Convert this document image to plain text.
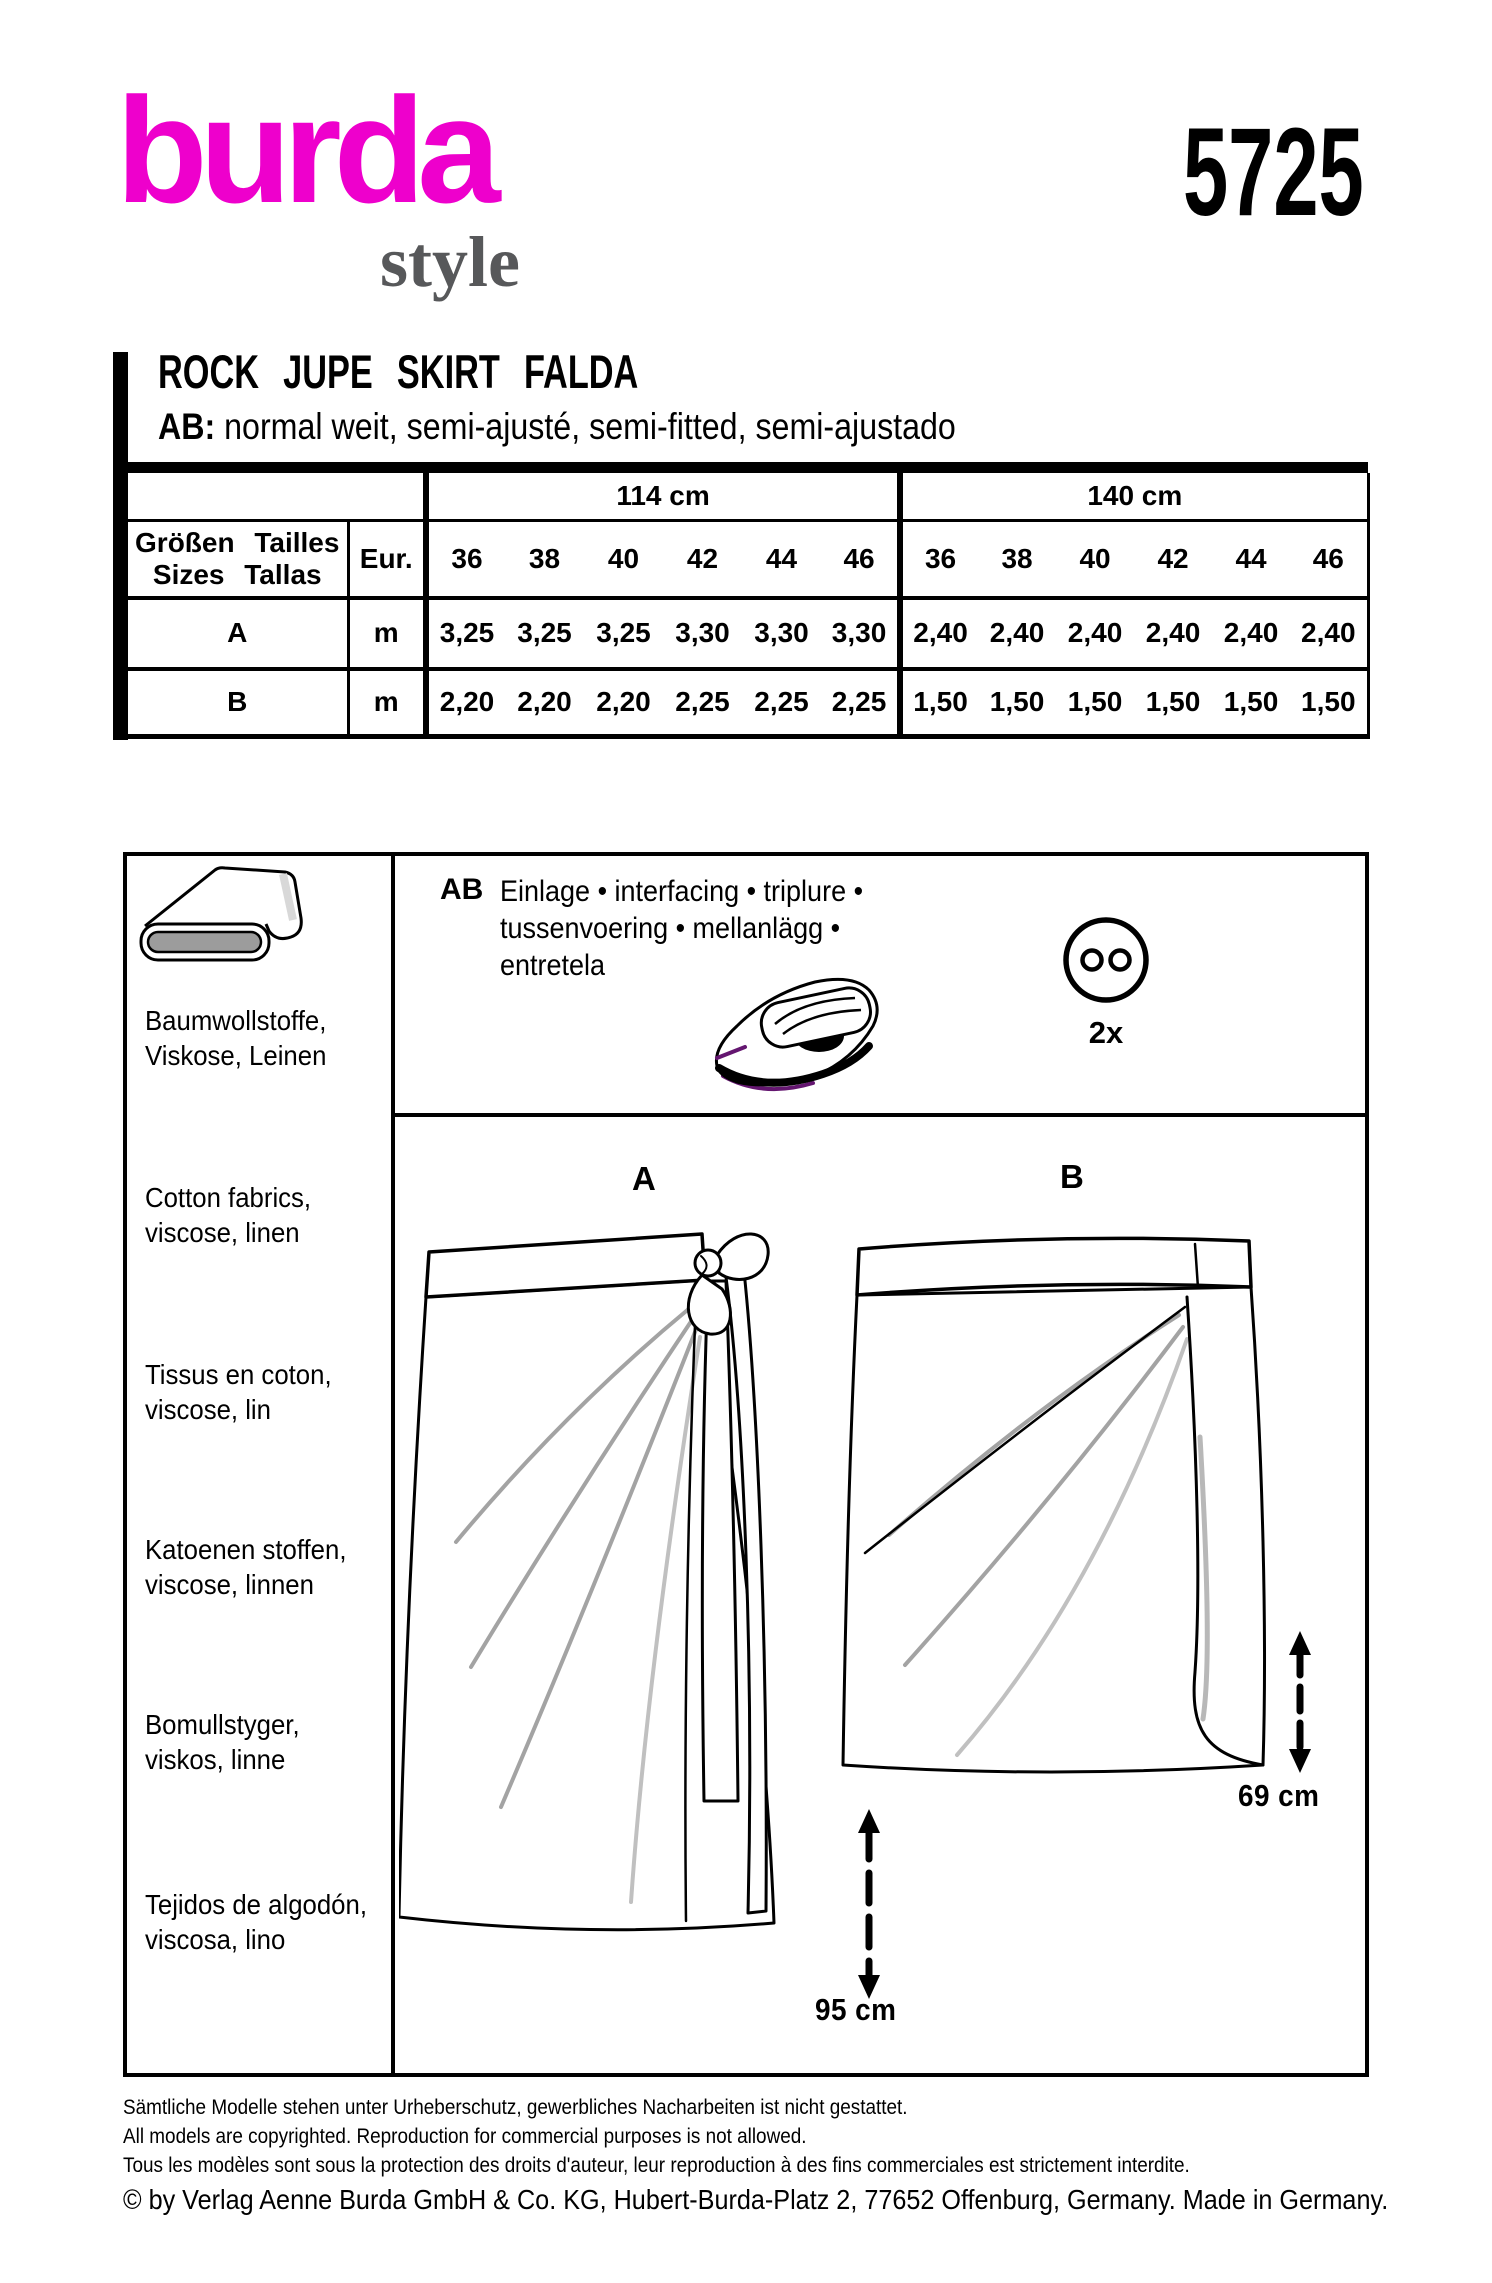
burda
style
5725
ROCK JUPE SKIRT FALDA
AB: normal weit, semi-ajusté, semi-fitted, semi-ajustado
		114 cm						140 cm					

Größen Tailles
Sizes Tallas	Eur.	36	38	40	42	44	46	36	38	40	42	44	46
A	m	3,25	3,25	3,25	3,30	3,30	3,30	2,40	2,40	2,40	2,40	2,40	2,40
B	m	2,20	2,20	2,20	2,25	2,25	2,25	1,50	1,50	1,50	1,50	1,50	1,50
Baumwollstoffe,
Viskose, Leinen
Cotton fabrics,
viscose, linen
Tissus en coton,
viscose, lin
Katoenen stoffen,
viscose, linnen
Bomullstyger,
viskos, linne
Tejidos de algodón,
viscosa, lino
AB Einlage • interfacing • triplure •
tussenvoering • mellanlägg •
entretela
2x
A	B
95 cm
69 cm
Sämtliche Modelle stehen unter Urheberschutz, gewerbliches Nacharbeiten ist nicht gestattet.
All models are copyrighted. Reproduction for commercial purposes is not allowed.
Tous les modèles sont sous la protection des droits d'auteur, leur reproduction à des fins commerciales est strictement interdite.
© by Verlag Aenne Burda GmbH & Co. KG, Hubert-Burda-Platz 2, 77652 Offenburg, Germany. Made in Germany.
